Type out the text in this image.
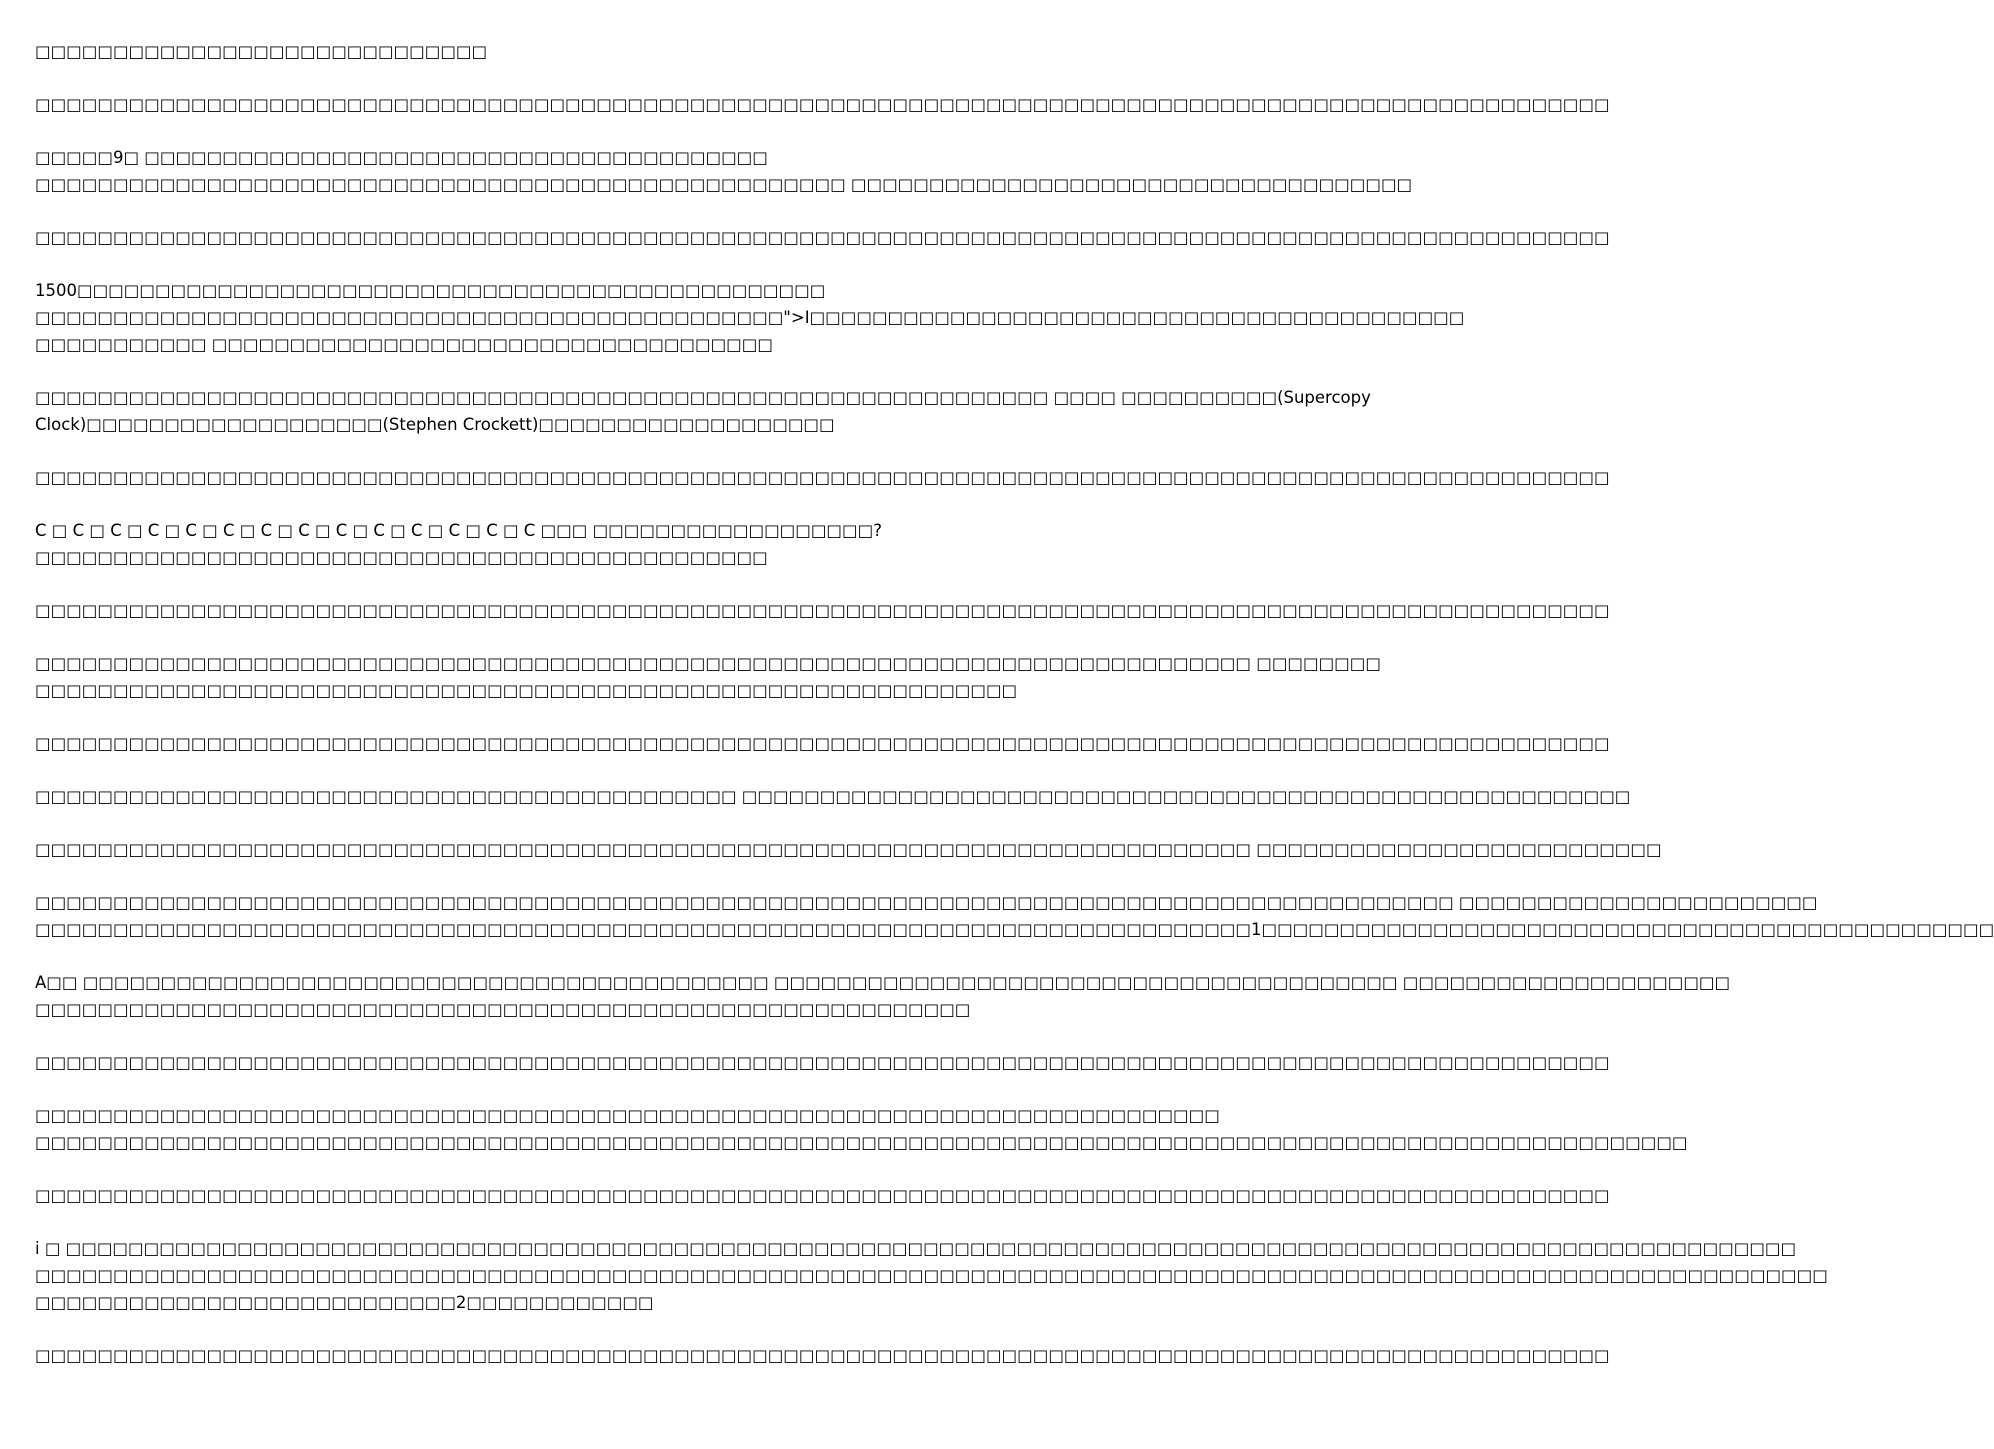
□□□□□□□□□□□□□□□□□□□□□□□□□□□□□

□□□□□□□□□□□□□□□□□□□□□□□□□□□□□□□□□□□□□□□□□□□□□□□□□□□□□□□□□□□□□□□□□□□□□□□□□□□□□□□□□□□□□□□□□□□□□□□□□□□□□

□□□□□9□ □□□□□□□□□□□□□□□□□□□□□□□□□□□□□□□□□□□□□□□□
□□□□□□□□□□□□□□□□□□□□□□□□□□□□□□□□□□□□□□□□□□□□□□□□□□□□ □□□□□□□□□□□□□□□□□□□□□□□□□□□□□□□□□□□□

□□□□□□□□□□□□□□□□□□□□□□□□□□□□□□□□□□□□□□□□□□□□□□□□□□□□□□□□□□□□□□□□□□□□□□□□□□□□□□□□□□□□□□□□□□□□□□□□□□□□□

1500□□□□□□□□□□□□□□□□□□□□□□□□□□□□□□□□□□□□□□□□□□□□□□□□
□□□□□□□□□□□□□□□□□□□□□□□□□□□□□□□□□□□□□□□□□□□□□□□□">I□□□□□□□□□□□□□□□□□□□□□□□□□□□□□□□□□□□□□□□□□□
□□□□□□□□□□□ □□□□□□□□□□□□□□□□□□□□□□□□□□□□□□□□□□□□

□□□□□□□□□□□□□□□□□□□□□□□□□□□□□□□□□□□□□□□□□□□□□□□□□□□□□□□□□□□□□□□□□ □□□□ □□□□□□□□□□(Supercopy
Clock)□□□□□□□□□□□□□□□□□□□(Stephen Crockett)□□□□□□□□□□□□□□□□□□□

□□□□□□□□□□□□□□□□□□□□□□□□□□□□□□□□□□□□□□□□□□□□□□□□□□□□□□□□□□□□□□□□□□□□□□□□□□□□□□□□□□□□□□□□□□□□□□□□□□□□□

C □ C □ C □ C □ C □ C □ C □ C □ C □ C □ C □ C □ C □ C □□□ □□□□□□□□□□□□□□□□□□?
□□□□□□□□□□□□□□□□□□□□□□□□□□□□□□□□□□□□□□□□□□□□□□□

□□□□□□□□□□□□□□□□□□□□□□□□□□□□□□□□□□□□□□□□□□□□□□□□□□□□□□□□□□□□□□□□□□□□□□□□□□□□□□□□□□□□□□□□□□□□□□□□□□□□□

□□□□□□□□□□□□□□□□□□□□□□□□□□□□□□□□□□□□□□□□□□□□□□□□□□□□□□□□□□□□□□□□□□□□□□□□□□□□□□ □□□□□□□□
□□□□□□□□□□□□□□□□□□□□□□□□□□□□□□□□□□□□□□□□□□□□□□□□□□□□□□□□□□□□□□□

□□□□□□□□□□□□□□□□□□□□□□□□□□□□□□□□□□□□□□□□□□□□□□□□□□□□□□□□□□□□□□□□□□□□□□□□□□□□□□□□□□□□□□□□□□□□□□□□□□□□□

□□□□□□□□□□□□□□□□□□□□□□□□□□□□□□□□□□□□□□□□□□□□□ □□□□□□□□□□□□□□□□□□□□□□□□□□□□□□□□□□□□□□□□□□□□□□□□□□□□□□□□□

□□□□□□□□□□□□□□□□□□□□□□□□□□□□□□□□□□□□□□□□□□□□□□□□□□□□□□□□□□□□□□□□□□□□□□□□□□□□□□ □□□□□□□□□□□□□□□□□□□□□□□□□□

□□□□□□□□□□□□□□□□□□□□□□□□□□□□□□□□□□□□□□□□□□□□□□□□□□□□□□□□□□□□□□□□□□□□□□□□□□□□□□□□□□□□□□□□□□□ □□□□□□□□□□□□□□□□□□□□□□□
□□□□□□□□□□□□□□□□□□□□□□□□□□□□□□□□□□□□□□□□□□□□□□□□□□□□□□□□□□□□□□□□□□□□□□□□□□□□□□1□□□□□□□□□□□□□□□□□□□□□□□□□□□□□□□□□□□□□□□□□□□□□□□

A□□ □□□□□□□□□□□□□□□□□□□□□□□□□□□□□□□□□□□□□□□□□□□□ □□□□□□□□□□□□□□□□□□□□□□□□□□□□□□□□□□□□□□□□ □□□□□□□□□□□□□□□□□□□□□
□□□□□□□□□□□□□□□□□□□□□□□□□□□□□□□□□□□□□□□□□□□□□□□□□□□□□□□□□□□□

□□□□□□□□□□□□□□□□□□□□□□□□□□□□□□□□□□□□□□□□□□□□□□□□□□□□□□□□□□□□□□□□□□□□□□□□□□□□□□□□□□□□□□□□□□□□□□□□□□□□□

□□□□□□□□□□□□□□□□□□□□□□□□□□□□□□□□□□□□□□□□□□□□□□□□□□□□□□□□□□□□□□□□□□□□□□□□□□□□
□□□□□□□□□□□□□□□□□□□□□□□□□□□□□□□□□□□□□□□□□□□□□□□□□□□□□□□□□□□□□□□□□□□□□□□□□□□□□□□□□□□□□□□□□□□□□□□□□□□□□□□□□□

□□□□□□□□□□□□□□□□□□□□□□□□□□□□□□□□□□□□□□□□□□□□□□□□□□□□□□□□□□□□□□□□□□□□□□□□□□□□□□□□□□□□□□□□□□□□□□□□□□□□□

i □ □□□□□□□□□□□□□□□□□□□□□□□□□□□□□□□□□□□□□□□□□□□□□□□□□□□□□□□□□□□□□□□□□□□□□□□□□□□□□□□□□□□□□□□□□□□□□□□□□□□□□□□□□□□□□□□
□□□□□□□□□□□□□□□□□□□□□□□□□□□□□□□□□□□□□□□□□□□□□□□□□□□□□□□□□□□□□□□□□□□□□□□□□□□□□□□□□□□□□□□□□□□□□□□□□□□□□□□□□□□□□□□□□□□
□□□□□□□□□□□□□□□□□□□□□□□□□□□2□□□□□□□□□□□□

□□□□□□□□□□□□□□□□□□□□□□□□□□□□□□□□□□□□□□□□□□□□□□□□□□□□□□□□□□□□□□□□□□□□□□□□□□□□□□□□□□□□□□□□□□□□□□□□□□□□□
